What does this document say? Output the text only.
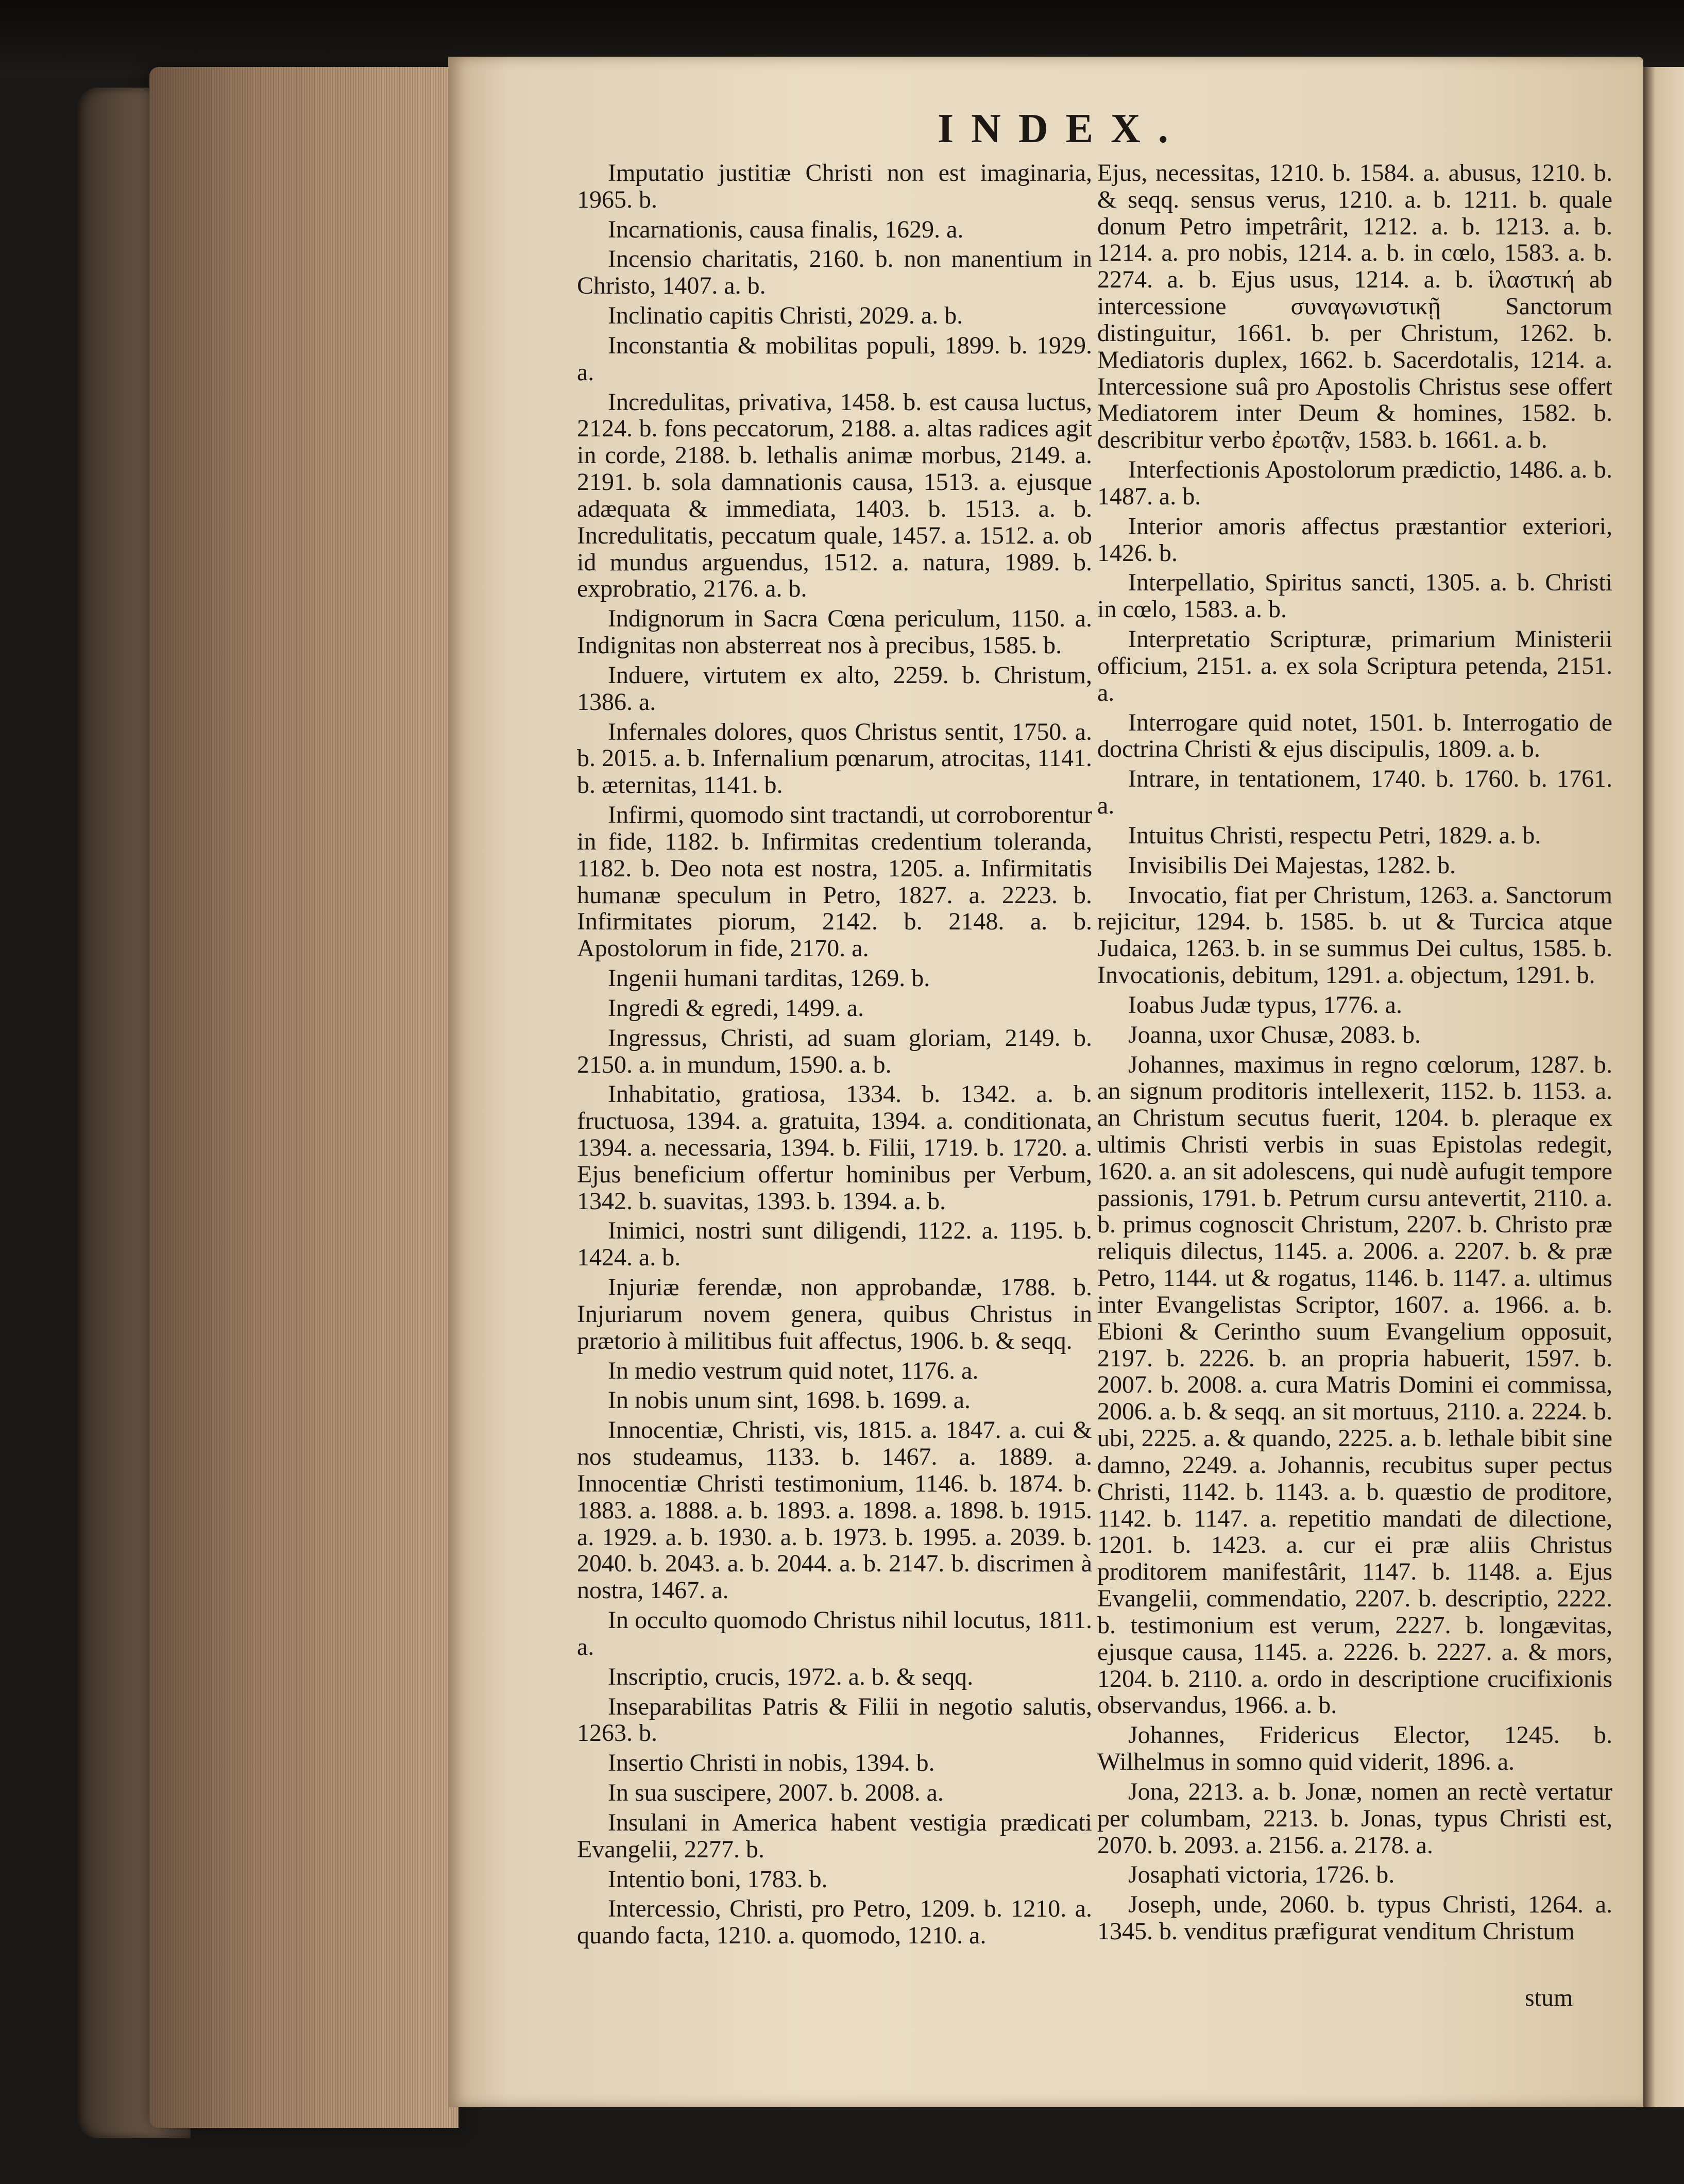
INDEX.

Imputatio justitiæ Christi non est imaginaria, 1965. b.

Incarnationis, causa finalis, 1629. a.

Incensio charitatis, 2160. b. non manentium in Christo, 1407. a. b.

Inclinatio capitis Christi, 2029. a. b.

Inconstantia & mobilitas populi, 1899. b. 1929. a.

Incredulitas, privativa, 1458. b. est causa luctus, 2124. b. fons peccatorum, 2188. a. altas radices agit in corde, 2188. b. lethalis animæ morbus, 2149. a. 2191. b. sola damnationis causa, 1513. a. ejusque adæquata & immediata, 1403. b. 1513. a. b. Incredulitatis, peccatum quale, 1457. a. 1512. a. ob id mundus arguendus, 1512. a. natura, 1989. b. exprobratio, 2176. a. b.

Indignorum in Sacra Cœna periculum, 1150. a. Indignitas non absterreat nos à precibus, 1585. b.

Induere, virtutem ex alto, 2259. b. Christum, 1386. a.

Infernales dolores, quos Christus sentit, 1750. a. b. 2015. a. b. Infernalium pœnarum, atrocitas, 1141. b. æternitas, 1141. b.

Infirmi, quomodo sint tractandi, ut corroborentur in fide, 1182. b. Infirmitas credentium toleranda, 1182. b. Deo nota est nostra, 1205. a. Infirmitatis humanæ speculum in Petro, 1827. a. 2223. b. Infirmitates piorum, 2142. b. 2148. a. b. Apostolorum in fide, 2170. a.

Ingenii humani tarditas, 1269. b.

Ingredi & egredi, 1499. a.

Ingressus, Christi, ad suam gloriam, 2149. b. 2150. a. in mundum, 1590. a. b.

Inhabitatio, gratiosa, 1334. b. 1342. a. b. fructuosa, 1394. a. gratuita, 1394. a. conditionata, 1394. a. necessaria, 1394. b. Filii, 1719. b. 1720. a. Ejus beneficium offertur hominibus per Verbum, 1342. b. suavitas, 1393. b. 1394. a. b.

Inimici, nostri sunt diligendi, 1122. a. 1195. b. 1424. a. b.

Injuriæ ferendæ, non approbandæ, 1788. b. Injuriarum novem genera, quibus Christus in prætorio à militibus fuit affectus, 1906. b. & seqq.

In medio vestrum quid notet, 1176. a.

In nobis unum sint, 1698. b. 1699. a.

Innocentiæ, Christi, vis, 1815. a. 1847. a. cui & nos studeamus, 1133. b. 1467. a. 1889. a. Innocentiæ Christi testimonium, 1146. b. 1874. b. 1883. a. 1888. a. b. 1893. a. 1898. a. 1898. b. 1915. a. 1929. a. b. 1930. a. b. 1973. b. 1995. a. 2039. b. 2040. b. 2043. a. b. 2044. a. b. 2147. b. discrimen à nostra, 1467. a.

In occulto quomodo Christus nihil locutus, 1811. a.

Inscriptio, crucis, 1972. a. b. & seqq.

Inseparabilitas Patris & Filii in negotio salutis, 1263. b.

Insertio Christi in nobis, 1394. b.

In sua suscipere, 2007. b. 2008. a.

Insulani in America habent vestigia prædicati Evangelii, 2277. b.

Intentio boni, 1783. b.

Intercessio, Christi, pro Petro, 1209. b. 1210. a. quando facta, 1210. a. quomodo, 1210. a.

Ejus, necessitas, 1210. b. 1584. a. abusus, 1210. b. & seqq. sensus verus, 1210. a. b. 1211. b. quale donum Petro impetrârit, 1212. a. b. 1213. a. b. 1214. a. pro nobis, 1214. a. b. in cœlo, 1583. a. b. 2274. a. b. Ejus usus, 1214. a. b. ἱλαστική ab intercessione συναγωνιστικῇ Sanctorum distinguitur, 1661. b. per Christum, 1262. b. Mediatoris duplex, 1662. b. Sacerdotalis, 1214. a. Intercessione suâ pro Apostolis Christus sese offert Mediatorem inter Deum & homines, 1582. b. describitur verbo ἐρωτᾷν, 1583. b. 1661. a. b.

Interfectionis Apostolorum prædictio, 1486. a. b. 1487. a. b.

Interior amoris affectus præstantior exteriori, 1426. b.

Interpellatio, Spiritus sancti, 1305. a. b. Christi in cœlo, 1583. a. b.

Interpretatio Scripturæ, primarium Ministerii officium, 2151. a. ex sola Scriptura petenda, 2151. a.

Interrogare quid notet, 1501. b. Interrogatio de doctrina Christi & ejus discipulis, 1809. a. b.

Intrare, in tentationem, 1740. b. 1760. b. 1761. a.

Intuitus Christi, respectu Petri, 1829. a. b.

Invisibilis Dei Majestas, 1282. b.

Invocatio, fiat per Christum, 1263. a. Sanctorum rejicitur, 1294. b. 1585. b. ut & Turcica atque Judaica, 1263. b. in se summus Dei cultus, 1585. b. Invocationis, debitum, 1291. a. objectum, 1291. b.

Ioabus Judæ typus, 1776. a.

Joanna, uxor Chusæ, 2083. b.

Johannes, maximus in regno cœlorum, 1287. b. an signum proditoris intellexerit, 1152. b. 1153. a. an Christum secutus fuerit, 1204. b. pleraque ex ultimis Christi verbis in suas Epistolas redegit, 1620. a. an sit adolescens, qui nudè aufugit tempore passionis, 1791. b. Petrum cursu antevertit, 2110. a. b. primus cognoscit Christum, 2207. b. Christo præ reliquis dilectus, 1145. a. 2006. a. 2207. b. & præ Petro, 1144. ut & rogatus, 1146. b. 1147. a. ultimus inter Evangelistas Scriptor, 1607. a. 1966. a. b. Ebioni & Cerintho suum Evangelium opposuit, 2197. b. 2226. b. an propria habuerit, 1597. b. 2007. b. 2008. a. cura Matris Domini ei commissa, 2006. a. b. & seqq. an sit mortuus, 2110. a. 2224. b. ubi, 2225. a. & quando, 2225. a. b. lethale bibit sine damno, 2249. a. Johannis, recubitus super pectus Christi, 1142. b. 1143. a. b. quæstio de proditore, 1142. b. 1147. a. repetitio mandati de dilectione, 1201. b. 1423. a. cur ei præ aliis Christus proditorem manifestârit, 1147. b. 1148. a. Ejus Evangelii, commendatio, 2207. b. descriptio, 2222. b. testimonium est verum, 2227. b. longævitas, ejusque causa, 1145. a. 2226. b. 2227. a. & mors, 1204. b. 2110. a. ordo in descriptione crucifixionis observandus, 1966. a. b.

Johannes, Fridericus Elector, 1245. b. Wilhelmus in somno quid viderit, 1896. a.

Jona, 2213. a. b. Jonæ, nomen an rectè vertatur per columbam, 2213. b. Jonas, typus Christi est, 2070. b. 2093. a. 2156. a. 2178. a.

Josaphati victoria, 1726. b.

Joseph, unde, 2060. b. typus Christi, 1264. a. 1345. b. venditus præfigurat venditum Christum

stum
